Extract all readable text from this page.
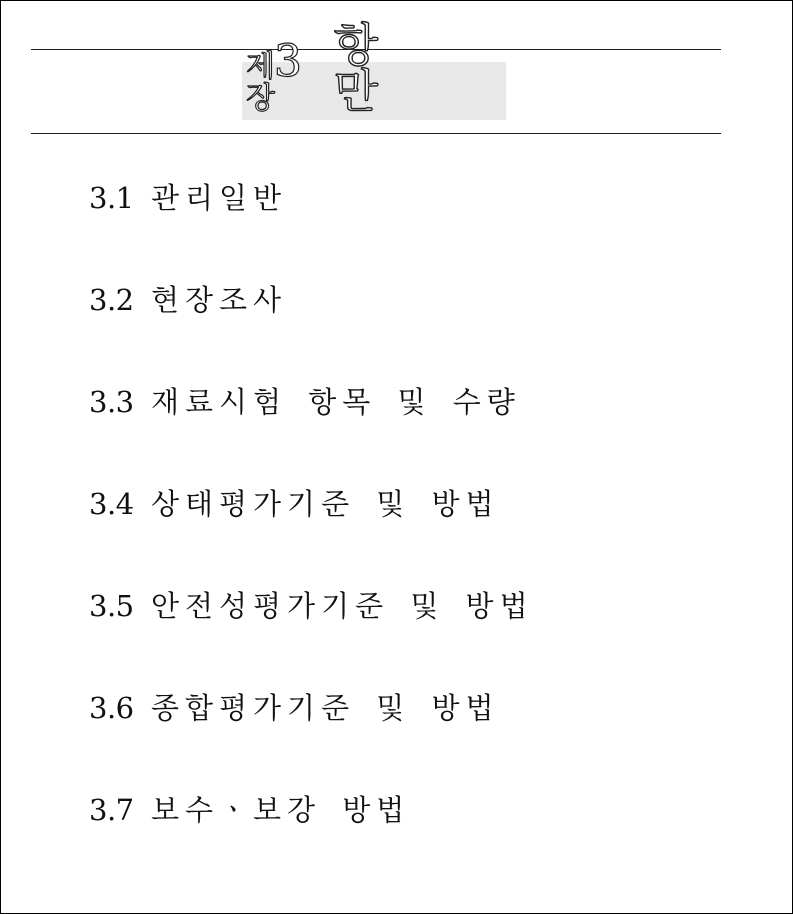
제3장
항 만
3.1 관리일반
3.2 현장조사
3.3 재료시험 항목 및 수량
3.4 상태평가기준 및 방법
3.5 안전성평가기준 및 방법
3.6 종합평가기준 및 방법
3.7 보수ㆍ보강 방법
